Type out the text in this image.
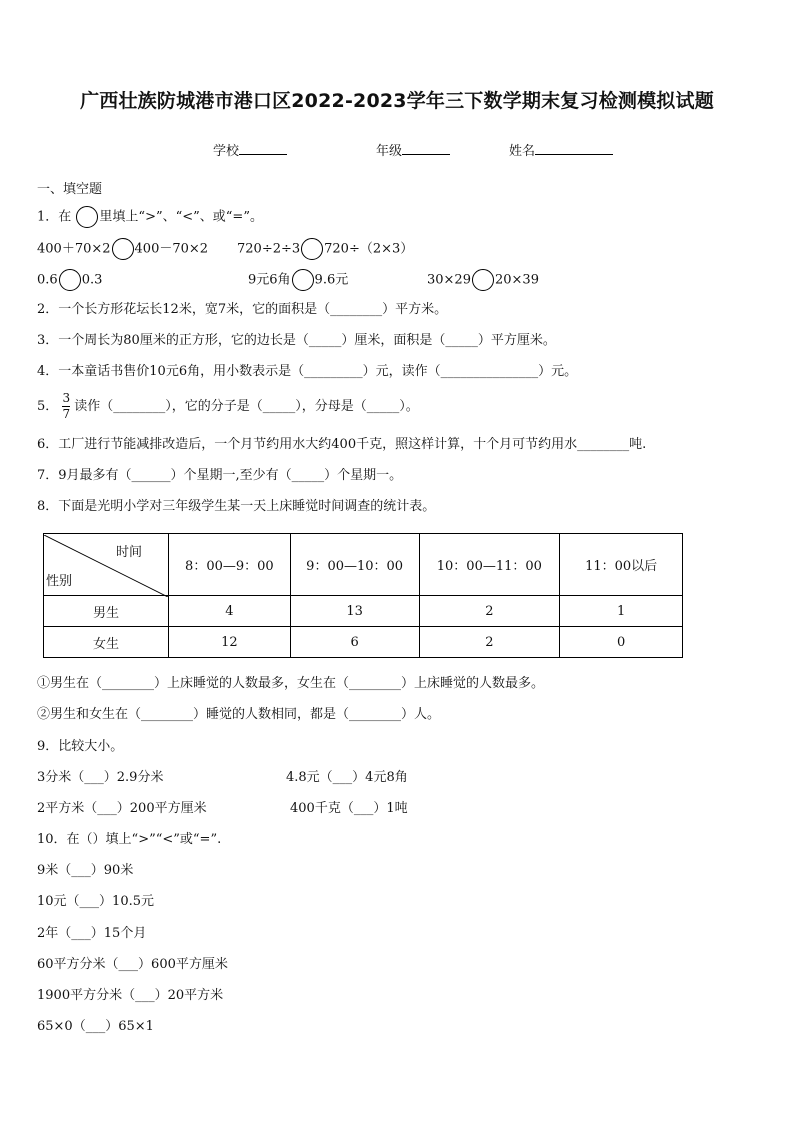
广西壮族防城港市港口区2022-2023学年三下数学期末复习检测模拟试题
学校	年级	姓名
一、填空题
1．在 里填上“>”、“<”、或“=”。
400＋70×2 400－70×2 720÷2÷3 720÷（2×3）
0.6 0.3	9元6角 9.6元	30×29 20×39
2．一个长方形花坛长12米，宽7米，它的面积是（________）平方米。
3．一个周长为80厘米的正方形，它的边长是（_____）厘米，面积是（_____）平方厘米。
4．一本童话书售价10元6角，用小数表示是（_________）元，读作（_______________）元。
5． $\frac{3}{7}$ 读作（________），它的分子是（_____），分母是（_____）。
6．工厂进行节能减排改造后，一个月节约用水大约400千克，照这样计算，十个月可节约用水________吨.
7．9月最多有（______）个星期一,至少有（_____）个星期一。
8．下面是光明小学对三年级学生某一天上床睡觉时间调查的统计表。
时间
性别	8：00—9：00	9：00—10：00	10：00—11：00	11：00以后
男生	4	13	2	1
女生	12	6	2	0
①男生在（________）上床睡觉的人数最多，女生在（________）上床睡觉的人数最多。
②男生和女生在（________）睡觉的人数相同，都是（________）人。
9．比较大小。
3分米（___）2.9分米	4.8元（___）4元8角
2平方米（___）200平方厘米	400千克（___）1吨
10．在（）填上“>”“<”或“=”.
9米（___）90米
10元（___）10.5元
2年（___）15个月
60平方分米（___）600平方厘米
1900平方分米（___）20平方米
65×0（___）65×1
